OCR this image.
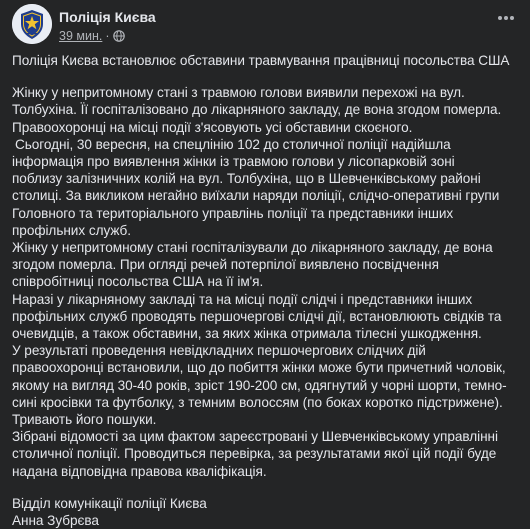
Поліція Києва
39 мин. ·

Поліція Києва встановлює обставини травмування працівниці посольства США

Жінку у непритомному стані з травмою голови виявили перехожі на вул.
Толбухіна. Її госпіталізовано до лікарняного закладу, де вона згодом померла.
Правоохоронці на місці події з'ясовують усі обставини скоєного.

Сьогодні, 30 вересня, на спецлінію 102 до столичної поліції надійшла
інформація про виявлення жінки із травмою голови у лісопарковій зоні
поблизу залізничних колій на вул. Толбухіна, що в Шевченківському районі
столиці. За викликом негайно виїхали наряди поліції, слідчо-оперативні групи
Головного та територіального управлінь поліції та представники інших
профільних служб.

Жінку у непритомному стані госпіталізували до лікарняного закладу, де вона
згодом померла. При огляді речей потерпілої виявлено посвідчення
співробітниці посольства США на її ім'я.

Наразі у лікарняному закладі та на місці події слідчі і представники інших
профільних служб проводять першочергові слідчі дії, встановлюють свідків та
очевидців, а також обставини, за яких жінка отримала тілесні ушкодження.

У результаті проведення невідкладних першочергових слідчих дій
правоохоронці встановили, що до побиття жінки може бути причетний чоловік,
якому на вигляд 30-40 років, зріст 190-200 см, одягнутий у чорні шорти, темно-
сині кросівки та футболку, з темним волоссям (по боках коротко підстрижене).
Тривають його пошуки.

Зібрані відомості за цим фактом зареєстровані у Шевченківському управлінні
столичної поліції. Проводиться перевірка, за результатами якої цій події буде
надана відповідна правова кваліфікація.

Відділ комунікації поліції Києва
Анна Зубрєва
